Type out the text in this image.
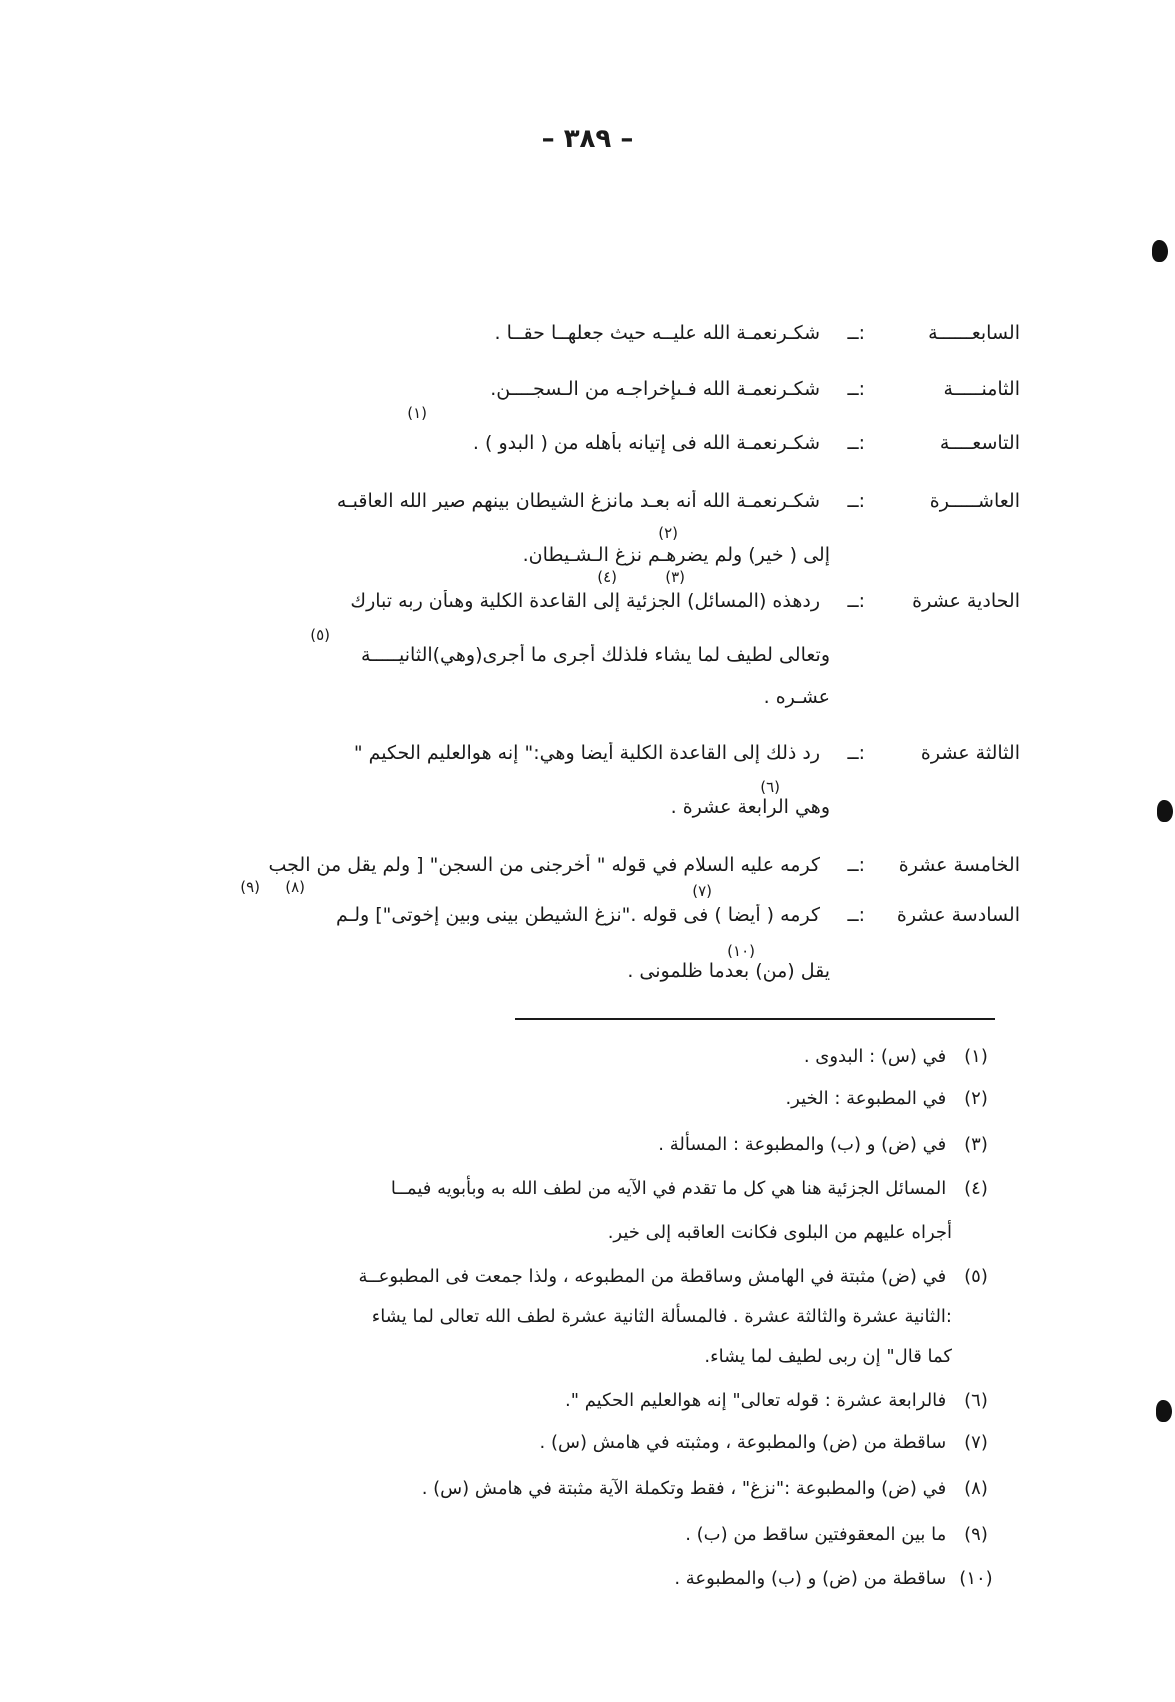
– ٣٨٩ –
السابعــــــة
:ــ
شكـرنعمـة الله عليــه حيث جعلهــا حقــا .
الثامنـــــة
:ــ
شكـرنعمـة الله فـىإخراجـه من الـسجــــن.
(١)
التاسعــــة
:ــ
شكـرنعمـة الله فى إتيانه بأهله من ( البدو ) .
العاشـــــرة
:ــ
شكـرنعمـة الله أنه بعـد مانزغ الشيطان بينهم صير الله العاقبـه
(٢)
إلى ( خير) ولم يضرهـم نزغ الـشـيطان.
(٣)
(٤)
الحادية عشرة
:ــ
ردهذه (المسائل) الجزئية إلى القاعدة الكلية وهىأن ربه تبارك
(٥)
وتعالى لطيف لما يشاء فلذلك أجرى ما أجرى(وهي)الثانيـــــة
عشـره .
الثالثة عشرة
:ــ
رد ذلك إلى القاعدة الكلية أيضا وهي:" إنه هوالعليم الحكيم "
(٦)
وهي الرابعة عشرة .
الخامسة عشرة
:ــ
كرمه عليه السلام في قوله " أخرجنى من السجن" [ ولم يقل من الجب
(٨)
(٩)	(٧)
السادسة عشرة
:ــ
كرمه ( أيضا ) فى قوله ."نزغ الشيطن بينى وبين إخوتى"] ولـم
(١٠)
يقل (من) بعدما ظلمونى .
(١) في (س) : البدوى .
(٢) في المطبوعة : الخير.
(٣) في (ض) و (ب) والمطبوعة : المسألة .
(٤) المسائل الجزئية هنا هي كل ما تقدم في الآيه من لطف الله به وبأبويه فيمــا
أجراه عليهم من البلوى فكانت العاقبه إلى خير.
(٥) في (ض) مثبتة في الهامش وساقطة من المطبوعه ، ولذا جمعت فى المطبوعــة
:الثانية عشرة والثالثة عشرة . فالمسألة الثانية عشرة لطف الله تعالى لما يشاء
كما قال" إن ربى لطيف لما يشاء.
(٦) فالرابعة عشرة : قوله تعالى" إنه هوالعليم الحكيم ".
(٧) ساقطة من (ض) والمطبوعة ، ومثبته في هامش (س) .
(٨) في (ض) والمطبوعة :"نزغ" ، فقط وتكملة الآية مثبتة في هامش (س) .
(٩) ما بين المعقوفتين ساقط من (ب) .
(١٠) ساقطة من (ض) و (ب) والمطبوعة .
